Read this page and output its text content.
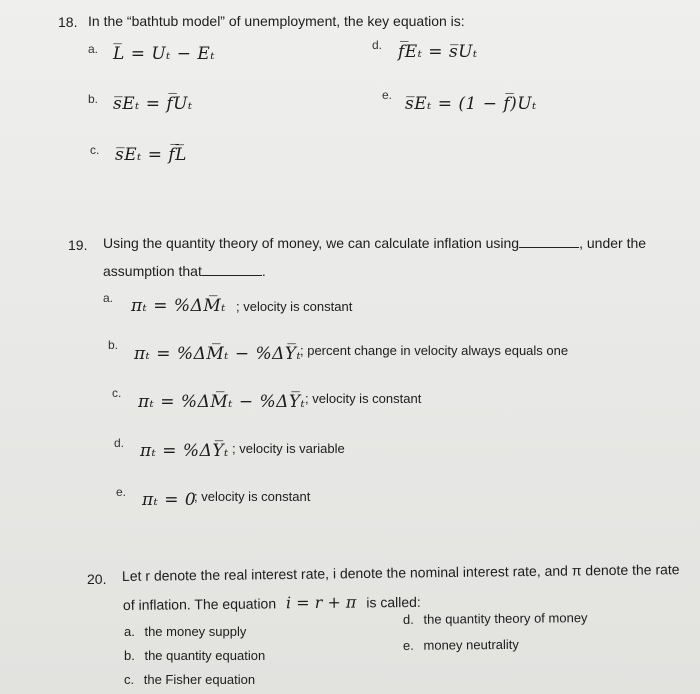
18. In the “bathtub model” of unemployment, the key equation is:
a. L̅ = Uₜ − Eₜ
b. s̅Eₜ = f̅Uₜ
c. s̅Eₜ = f̅L̅
d. f̅Eₜ = s̅Uₜ
e. s̅Eₜ = (1 − f̅)Uₜ
19. Using the quantity theory of money, we can calculate inflation using	, under the
assumption that	.
a. πₜ = %ΔM̅ₜ ; velocity is constant
b. πₜ = %ΔM̅ₜ − %ΔY̅ₜ
; percent change in velocity always equals one
c. πₜ = %ΔM̅ₜ − %ΔY̅ₜ ; velocity is constant
d. πₜ = %ΔY̅ₜ ; velocity is variable
e. πₜ = 0
; velocity is constant ​
20. Let r denote the real interest rate, i denote the nominal interest rate, and π denote the rate
of inflation. The equation i = r + π is called:
a. the money supply
b. the quantity equation
c. the Fisher equation
d. the quantity theory of money
e. money neutrality
